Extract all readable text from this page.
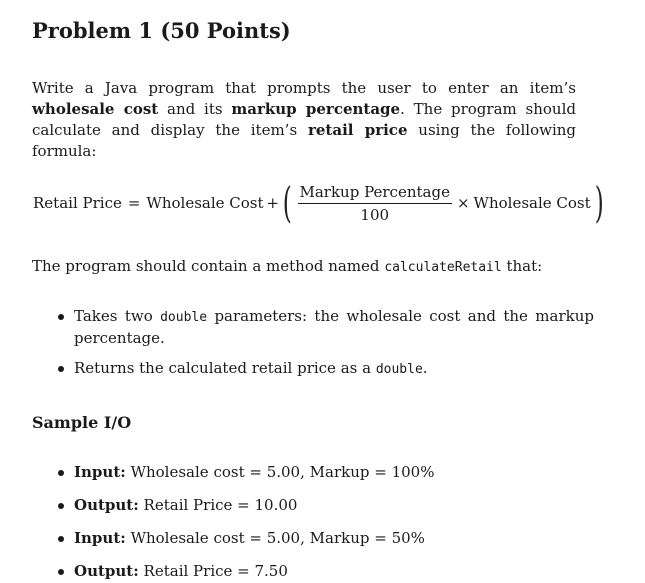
Problem 1 (50 Points)

Write a Java program that prompts the user to enter an item’s wholesale cost and its markup percentage. The program should calculate and display the item’s retail price using the following formula:

Retail Price = Wholesale Cost + ( $\frac{\text{Markup Percentage}}{100}$ × Wholesale Cost )

The program should contain a method named calculateRetail that:

Takes two double parameters: the wholesale cost and the markup percentage.
Returns the calculated retail price as a double.
Sample I/O
Input: Wholesale cost = 5.00, Markup = 100%
Output: Retail Price = 10.00
Input: Wholesale cost = 5.00, Markup = 50%
Output: Retail Price = 7.50
